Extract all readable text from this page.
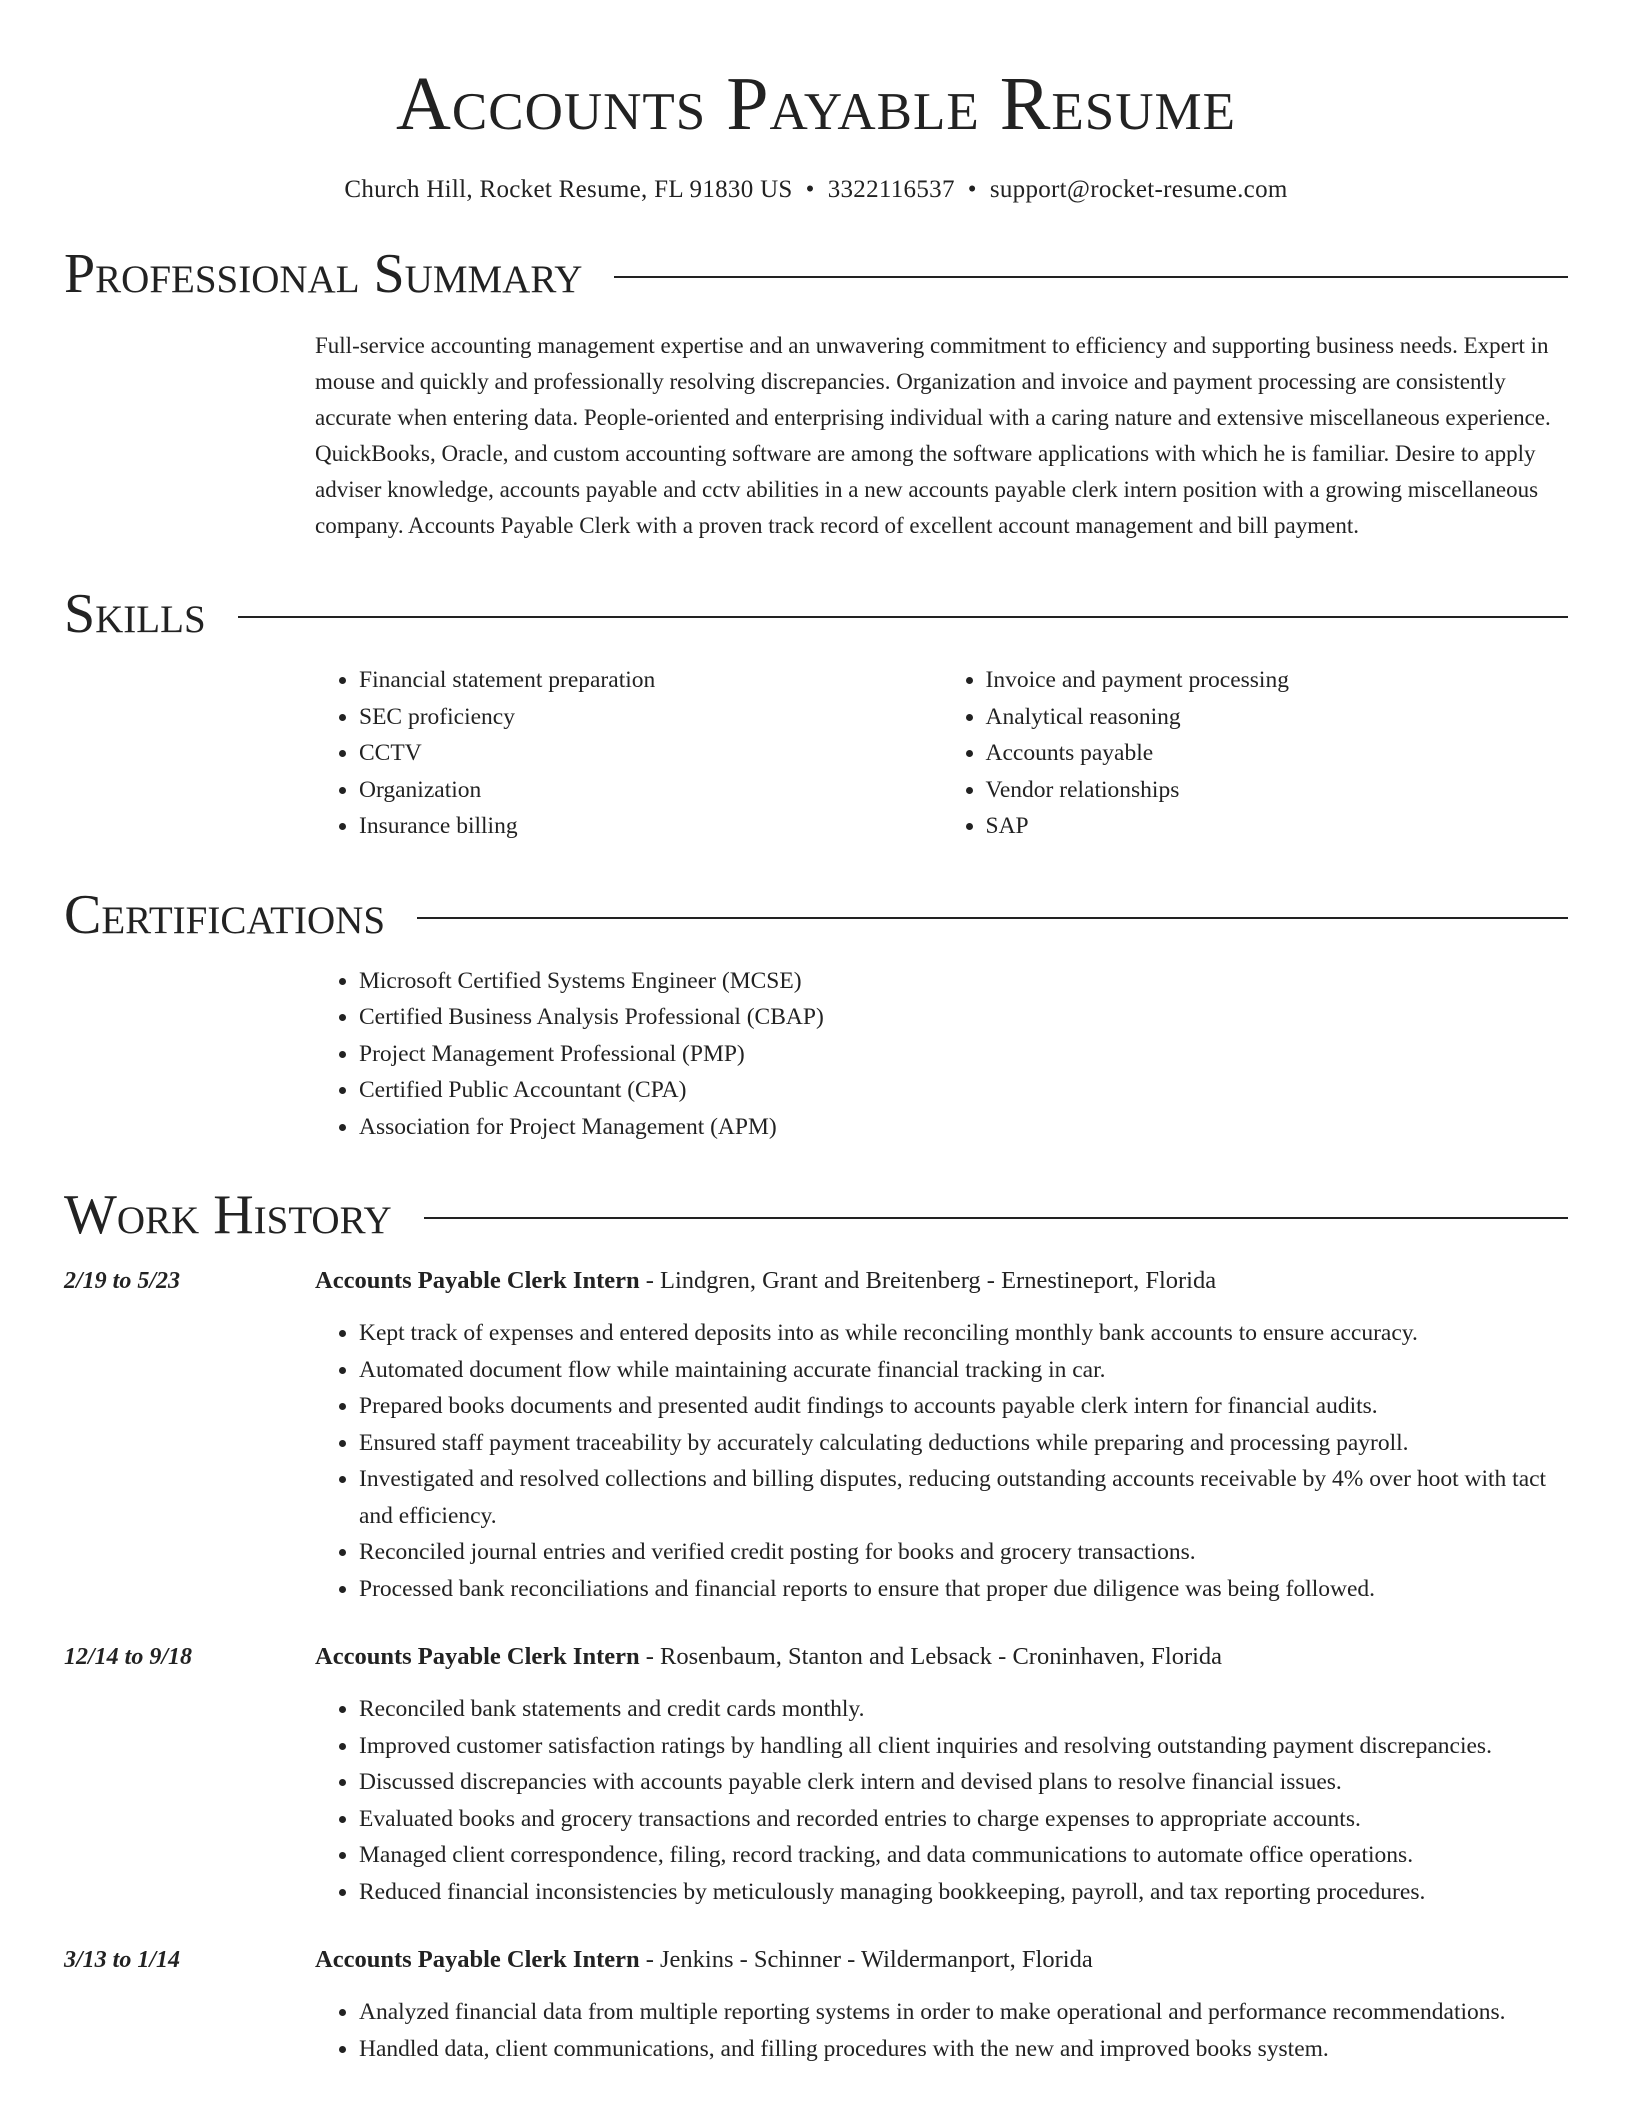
Accounts Payable Resume
Church Hill, Rocket Resume, FL 91830 US • 3322116537 • support@rocket-resume.com
Professional Summary
Full-service accounting management expertise and an unwavering commitment to efficiency and supporting business needs. Expert in mouse and quickly and professionally resolving discrepancies. Organization and invoice and payment processing are consistently accurate when entering data. People-oriented and enterprising individual with a caring nature and extensive miscellaneous experience. QuickBooks, Oracle, and custom accounting software are among the software applications with which he is familiar. Desire to apply adviser knowledge, accounts payable and cctv abilities in a new accounts payable clerk intern position with a growing miscellaneous company. Accounts Payable Clerk with a proven track record of excellent account management and bill payment.
Skills
• Financial statement preparation
• SEC proficiency
• CCTV
• Organization
• Insurance billing
• Invoice and payment processing
• Analytical reasoning
• Accounts payable
• Vendor relationships
• SAP
Certifications
• Microsoft Certified Systems Engineer (MCSE)
• Certified Business Analysis Professional (CBAP)
• Project Management Professional (PMP)
• Certified Public Accountant (CPA)
• Association for Project Management (APM)
Work History
2/19 to 5/23	Accounts Payable Clerk Intern - Lindgren, Grant and Breitenberg - Ernestineport, Florida
• Kept track of expenses and entered deposits into as while reconciling monthly bank accounts to ensure accuracy.
• Automated document flow while maintaining accurate financial tracking in car.
• Prepared books documents and presented audit findings to accounts payable clerk intern for financial audits.
• Ensured staff payment traceability by accurately calculating deductions while preparing and processing payroll.
• Investigated and resolved collections and billing disputes, reducing outstanding accounts receivable by 4% over hoot with tact and efficiency.
• Reconciled journal entries and verified credit posting for books and grocery transactions.
• Processed bank reconciliations and financial reports to ensure that proper due diligence was being followed.
12/14 to 9/18	Accounts Payable Clerk Intern - Rosenbaum, Stanton and Lebsack - Croninhaven, Florida
• Reconciled bank statements and credit cards monthly.
• Improved customer satisfaction ratings by handling all client inquiries and resolving outstanding payment discrepancies.
• Discussed discrepancies with accounts payable clerk intern and devised plans to resolve financial issues.
• Evaluated books and grocery transactions and recorded entries to charge expenses to appropriate accounts.
• Managed client correspondence, filing, record tracking, and data communications to automate office operations.
• Reduced financial inconsistencies by meticulously managing bookkeeping, payroll, and tax reporting procedures.
3/13 to 1/14	Accounts Payable Clerk Intern - Jenkins - Schinner - Wildermanport, Florida
• Analyzed financial data from multiple reporting systems in order to make operational and performance recommendations.
• Handled data, client communications, and filling procedures with the new and improved books system.
